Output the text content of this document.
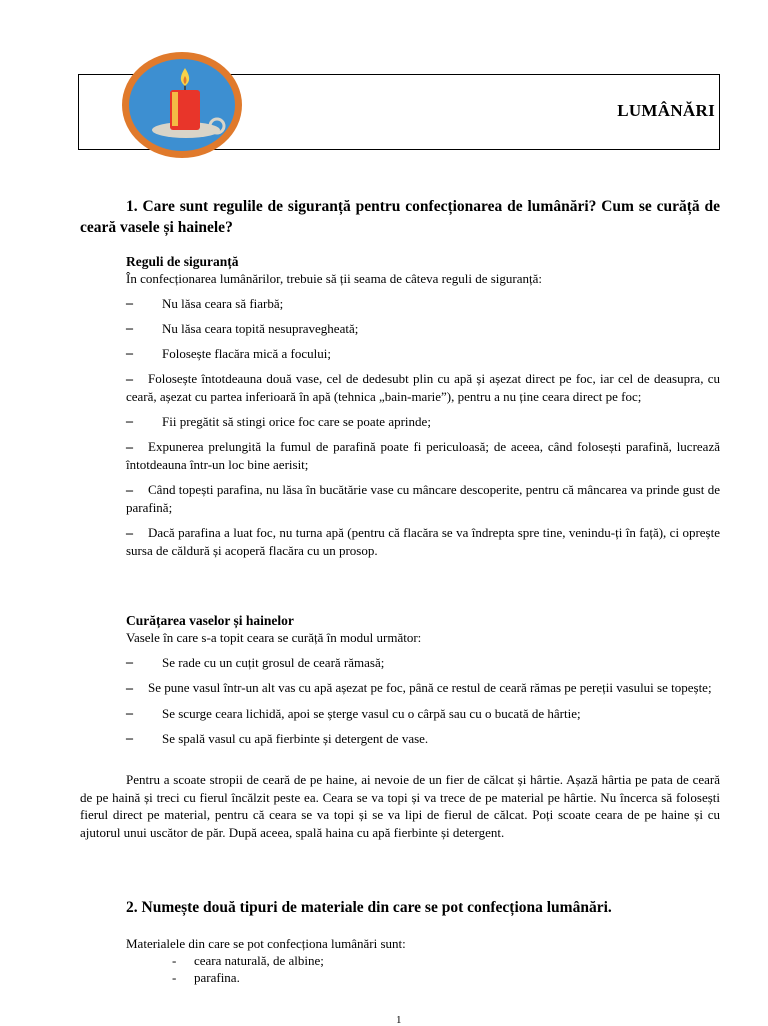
LUMÂNĂRI
1. Care sunt regulile de siguranță pentru confecționarea de lumânări? Cum se curăță de ceară vasele și hainele?
Reguli de siguranță

În confecționarea lumânărilor, trebuie să ții seama de câteva reguli de siguranță:

–	Nu lăsa ceara să fiarbă;
–	Nu lăsa ceara topită nesupravegheată;
–	Folosește flacăra mică a focului;
– Folosește întotdeauna două vase, cel de dedesubt plin cu apă și așezat direct pe foc, iar cel de deasupra, cu ceară, așezat cu partea inferioară în apă (tehnica „bain-marie”), pentru a nu ține ceara direct pe foc;
–	Fii pregătit să stingi orice foc care se poate aprinde;
– Expunerea prelungită la fumul de parafină poate fi periculoasă; de aceea, când folosești parafină, lucrează întotdeauna într-un loc bine aerisit;
– Când topești parafina, nu lăsa în bucătărie vase cu mâncare descoperite, pentru că mâncarea va prinde gust de parafină;
– Dacă parafina a luat foc, nu turna apă (pentru că flacăra se va îndrepta spre tine, venindu-ți în față), ci oprește sursa de căldură și acoperă flacăra cu un prosop.
Curățarea vaselor și hainelor

Vasele în care s-a topit ceara se curăță în modul următor:

–	Se rade cu un cuțit grosul de ceară rămasă;
– Se pune vasul într-un alt vas cu apă așezat pe foc, până ce restul de ceară rămas pe pereții vasului se topește;
–	Se scurge ceara lichidă, apoi se șterge vasul cu o cârpă sau cu o bucată de hârtie;
–	Se spală vasul cu apă fierbinte și detergent de vase.
Pentru a scoate stropii de ceară de pe haine, ai nevoie de un fier de călcat și hârtie. Așază hârtia pe pata de ceară de pe haină și treci cu fierul încălzit peste ea. Ceara se va topi și va trece de pe material pe hârtie. Nu încerca să folosești fierul direct pe material, pentru că ceara se va topi și se va lipi de fierul de călcat. Poți scoate ceara de pe haine și cu ajutorul unui uscător de păr. După aceea, spală haina cu apă fierbinte și detergent.
2. Numește două tipuri de materiale din care se pot confecționa lumânări.

Materialele din care se pot confecționa lumânări sunt:

- ceara naturală, de albine;
- parafina.
1
